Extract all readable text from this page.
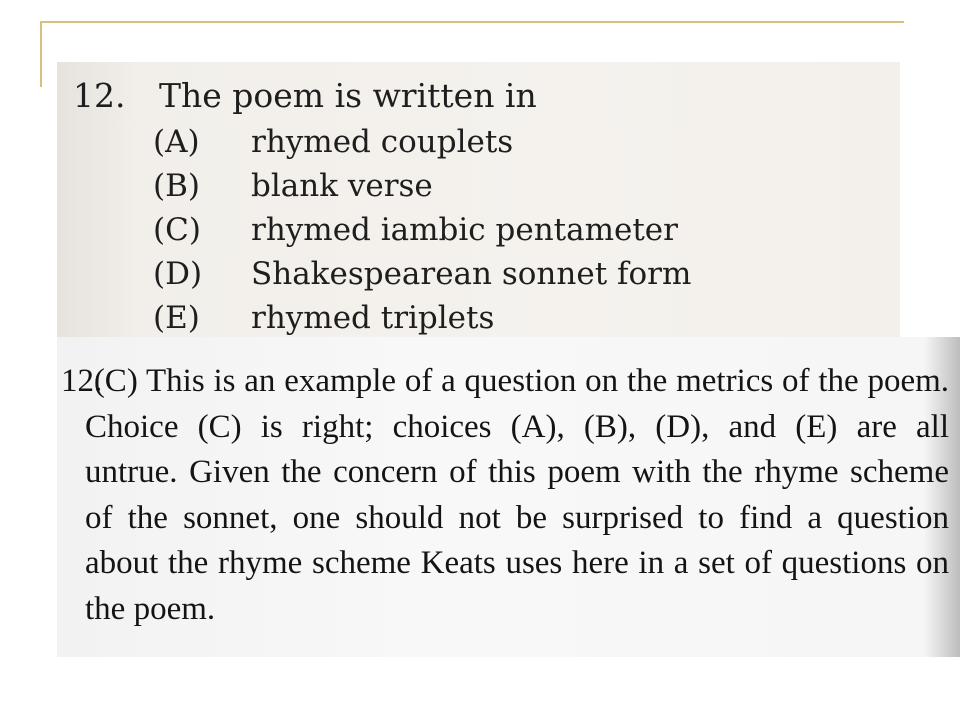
12. The poem is written in
(A) rhymed couplets
(B) blank verse
(C) rhymed iambic pentameter
(D) Shakespearean sonnet form
(E) rhymed triplets
12. (C) This is an example of a question on the metrics of the poem.
Choice (C) is right; choices (A), (B), (D), and (E) are all
untrue. Given the concern of this poem with the rhyme scheme
of the sonnet, one should not be surprised to find a question
about the rhyme scheme Keats uses here in a set of questions on
the poem.
